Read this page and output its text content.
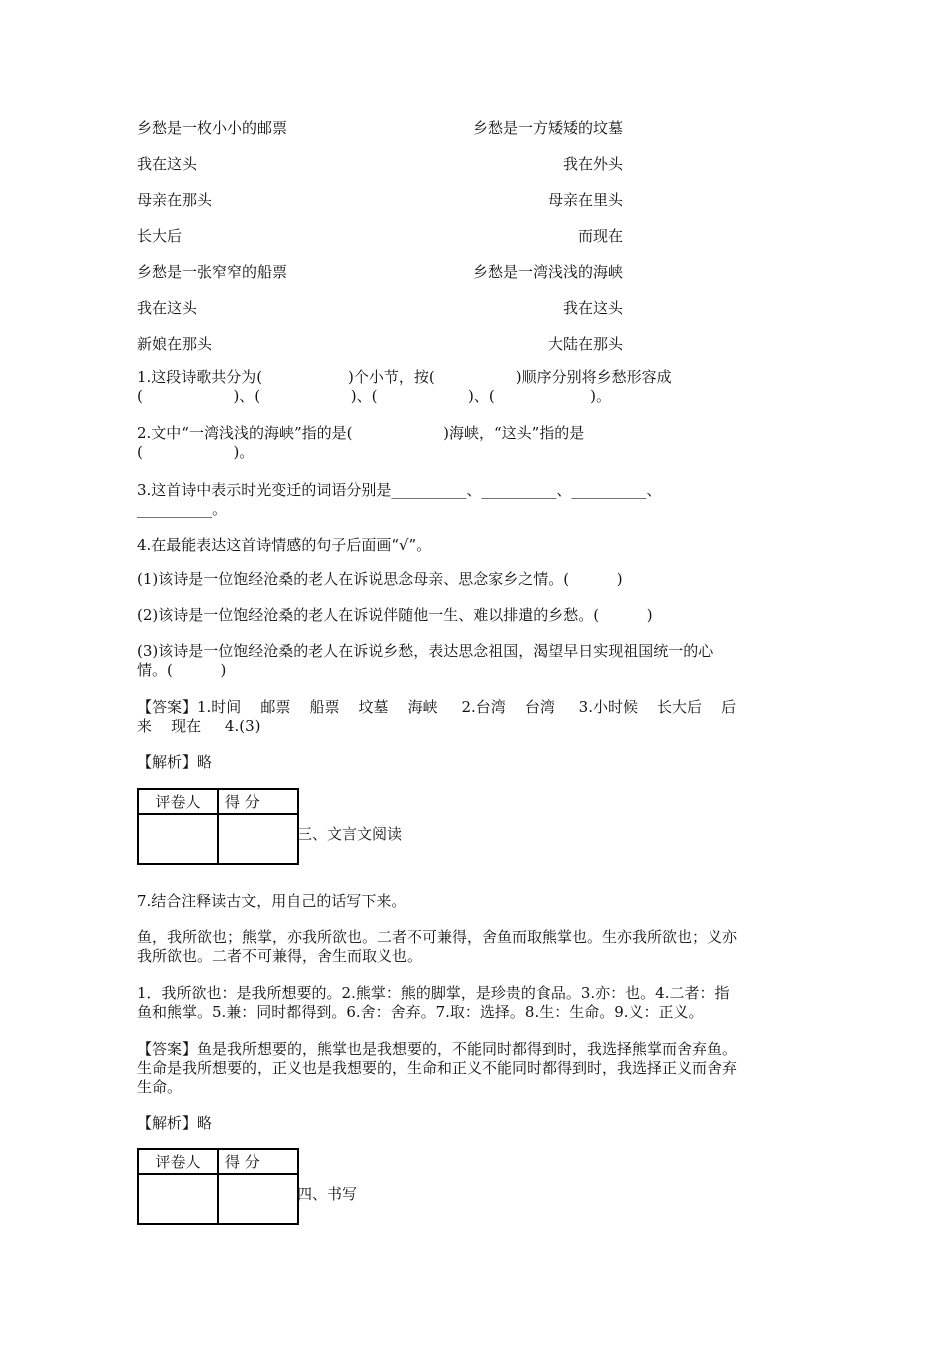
乡愁是一枚小小的邮票	乡愁是一方矮矮的坟墓
我在这头	我在外头
母亲在那头	母亲在里头
长大后	而现在
乡愁是一张窄窄的船票	乡愁是一湾浅浅的海峡
我在这头	我在这头
新娘在那头	大陆在那头
1.这段诗歌共分为(                  )个小节，按(                 )顺序分别将乡愁形容成
(                   )、(                   )、(                   )、(                    )。
2.文中“一湾浅浅的海峡”指的是(                   )海峡，“这头”指的是
(                   )。
3.这首诗中表示时光变迁的词语分别是__________、__________、__________、
__________。
4.在最能表达这首诗情感的句子后面画“√”。
(1)该诗是一位饱经沧桑的老人在诉说思念母亲、思念家乡之情。(          )
(2)该诗是一位饱经沧桑的老人在诉说伴随他一生、难以排遣的乡愁。(          )
(3)该诗是一位饱经沧桑的老人在诉说乡愁，表达思念祖国，渴望早日实现祖国统一的心
情。(          )
【答案】1.时间    邮票    船票    坟墓    海峡     2.台湾    台湾     3.小时候    长大后    后
来    现在     4.(3)
【解析】略
评卷人	得 分

三、文言文阅读
7.结合注释读古文，用自己的话写下来。
鱼，我所欲也；熊掌，亦我所欲也。二者不可兼得，舍鱼而取熊掌也。生亦我所欲也；义亦
我所欲也。二者不可兼得，舍生而取义也。
1．我所欲也：是我所想要的。2.熊掌：熊的脚掌，是珍贵的食品。3.亦：也。4.二者：指
鱼和熊掌。5.兼：同时都得到。6.舍：舍弃。7.取：选择。8.生：生命。9.义：正义。
【答案】鱼是我所想要的，熊掌也是我想要的，不能同时都得到时，我选择熊掌而舍弃鱼。
生命是我所想要的，正义也是我想要的，生命和正义不能同时都得到时，我选择正义而舍弃
生命。
【解析】略
评卷人	得 分

四、书写
